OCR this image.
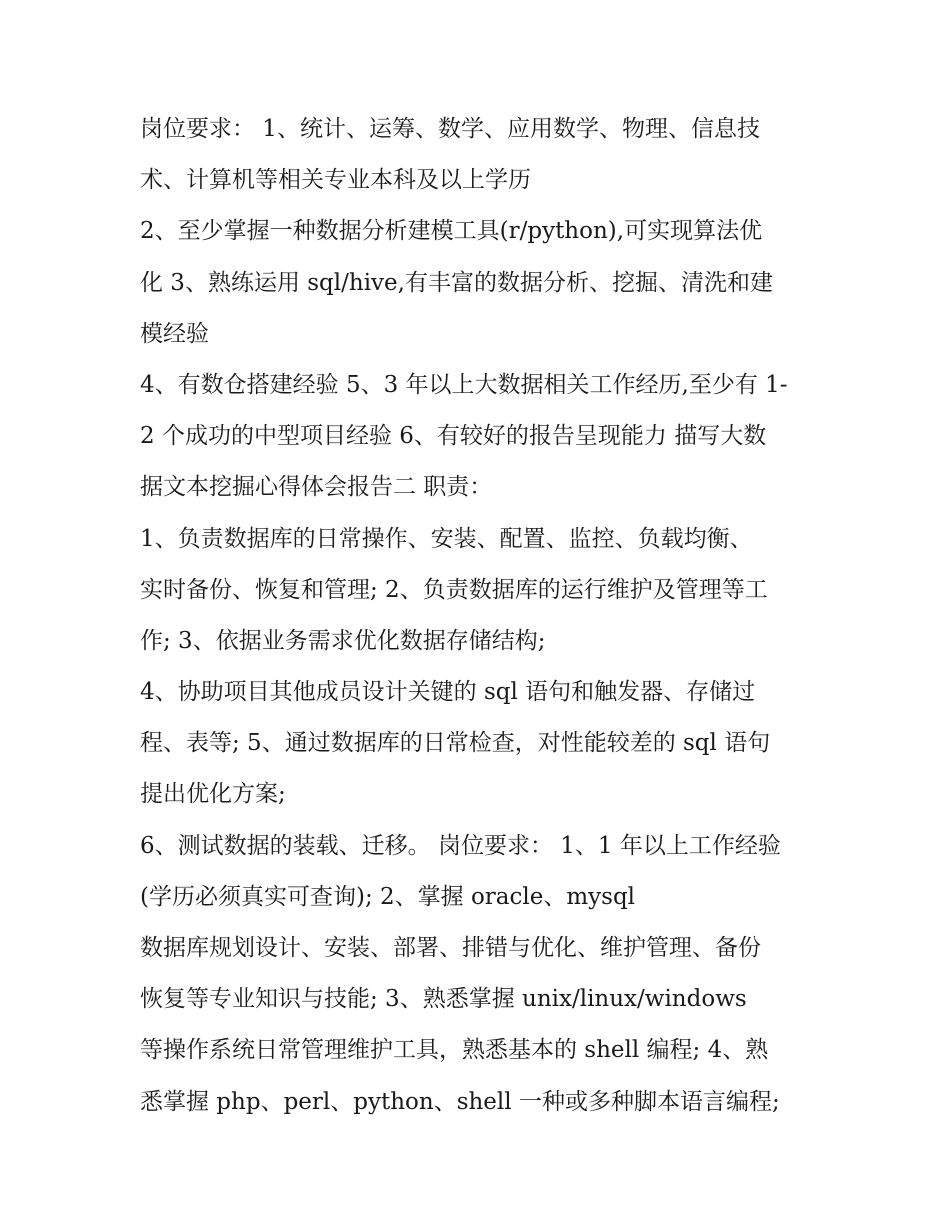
岗位要求： 1、统计、运筹、数学、应用数学、物理、信息技
术、计算机等相关专业本科及以上学历
2、至少掌握一种数据分析建模工具(r/python),可实现算法优
化 3、熟练运用 sql/hive,有丰富的数据分析、挖掘、清洗和建
模经验
4、有数仓搭建经验 5、3 年以上大数据相关工作经历,至少有 1-
2 个成功的中型项目经验 6、有较好的报告呈现能力 描写大数
据文本挖掘心得体会报告二 职责：
1、负责数据库的日常操作、安装、配置、监控、负载均衡、
实时备份、恢复和管理; 2、负责数据库的运行维护及管理等工
作; 3、依据业务需求优化数据存储结构;
4、协助项目其他成员设计关键的 sql 语句和触发器、存储过
程、表等; 5、通过数据库的日常检查，对性能较差的 sql 语句
提出优化方案;
6、测试数据的装载、迁移。 岗位要求： 1、1 年以上工作经验
(学历必须真实可查询); 2、掌握 oracle、mysql
数据库规划设计、安装、部署、排错与优化、维护管理、备份
恢复等专业知识与技能; 3、熟悉掌握 unix/linux/windows
等操作系统日常管理维护工具，熟悉基本的 shell 编程; 4、熟
悉掌握 php、perl、python、shell 一种或多种脚本语言编程;
